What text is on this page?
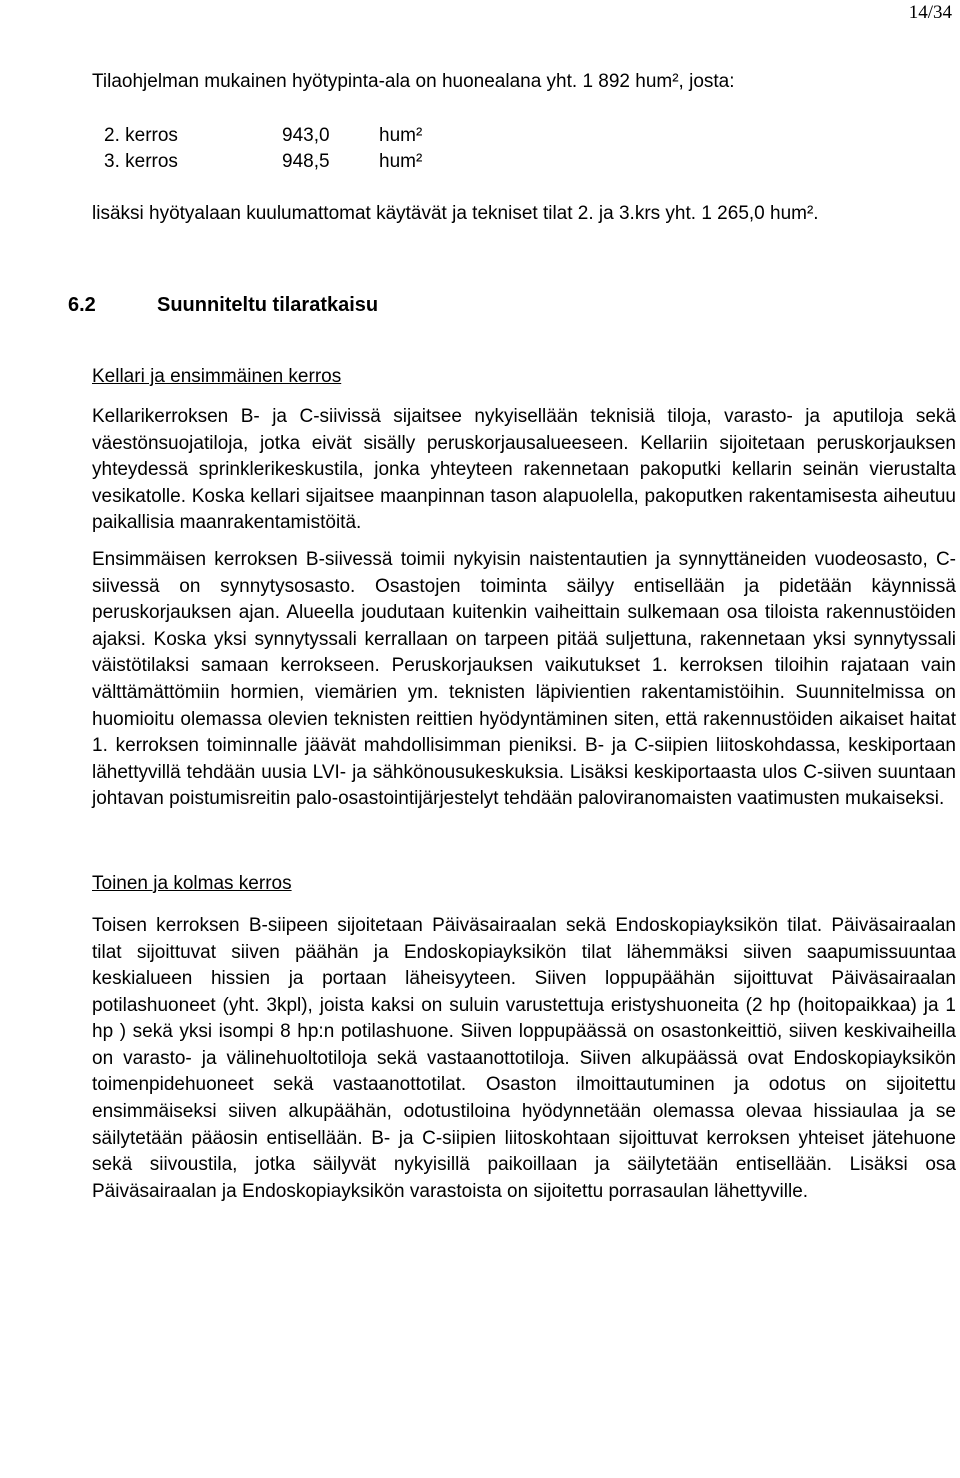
14/34

Tilaohjelman mukainen hyötypinta-ala on huonealana yht. 1 892 hum², josta:

2. kerros	943,0	hum²
3. kerros	948,5	hum²

lisäksi hyötyalaan kuulumattomat käytävät ja tekniset tilat 2. ja 3.krs yht. 1 265,0 hum².

6.2	Suunniteltu tilaratkaisu

Kellari ja ensimmäinen kerros

Kellarikerroksen B- ja C-siivissä sijaitsee nykyisellään teknisiä tiloja, varasto- ja aputiloja sekä väestönsuojatiloja, jotka eivät sisälly peruskorjausalueeseen. Kellariin sijoitetaan peruskorjauksen yhteydessä sprinklerikeskustila, jonka yhteyteen rakennetaan pakoputki kellarin seinän vierustalta vesikatolle. Koska kellari sijaitsee maanpinnan tason alapuolella, pakoputken rakentamisesta aiheutuu paikallisia maanrakentamistöitä.

Ensimmäisen kerroksen B-siivessä toimii nykyisin naistentautien ja synnyttäneiden vuodeosasto, C-siivessä on synnytysosasto. Osastojen toiminta säilyy entisellään ja pidetään käynnissä peruskorjauksen ajan. Alueella joudutaan kuitenkin vaiheittain sulkemaan osa tiloista rakennustöiden ajaksi. Koska yksi synnytyssali kerrallaan on tarpeen pitää suljettuna, rakennetaan yksi synnytyssali väistötilaksi samaan kerrokseen. Peruskorjauksen vaikutukset 1. kerroksen tiloihin rajataan vain välttämättömiin hormien, viemärien ym. teknisten läpivientien rakentamistöihin. Suunnitelmissa on huomioitu olemassa olevien teknisten reittien hyödyntäminen siten, että rakennustöiden aikaiset haitat 1. kerroksen toiminnalle jäävät mahdollisimman pieniksi. B- ja C-siipien liitoskohdassa, keskiportaan lähettyvillä tehdään uusia LVI- ja sähkönousukeskuksia. Lisäksi keskiportaasta ulos C-siiven suuntaan johtavan poistumisreitin palo-osastointijärjestelyt tehdään paloviranomaisten vaatimusten mukaiseksi.

Toinen ja kolmas kerros

Toisen kerroksen B-siipeen sijoitetaan Päiväsairaalan sekä Endoskopiayksikön tilat. Päiväsairaalan tilat sijoittuvat siiven päähän ja Endoskopiayksikön tilat lähemmäksi siiven saapumissuuntaa keskialueen hissien ja portaan läheisyyteen. Siiven loppupäähän sijoittuvat Päiväsairaalan potilashuoneet (yht. 3kpl), joista kaksi on suluin varustettuja eristyshuoneita (2 hp (hoitopaikkaa) ja 1 hp ) sekä yksi isompi 8 hp:n potilashuone. Siiven loppupäässä on osastonkeittiö, siiven keskivaiheilla on varasto- ja välinehuoltotiloja sekä vastaanottotiloja. Siiven alkupäässä ovat Endoskopiayksikön toimenpidehuoneet sekä vastaanottotilat. Osaston ilmoittautuminen ja odotus on sijoitettu ensimmäiseksi siiven alkupäähän, odotustiloina hyödynnetään olemassa olevaa hissiaulaa ja se säilytetään pääosin entisellään. B- ja C-siipien liitoskohtaan sijoittuvat kerroksen yhteiset jätehuone sekä siivoustila, jotka säilyvät nykyisillä paikoillaan ja säilytetään entisellään. Lisäksi osa Päiväsairaalan ja Endoskopiayksikön varastoista on sijoitettu porrasaulan lähettyville.
